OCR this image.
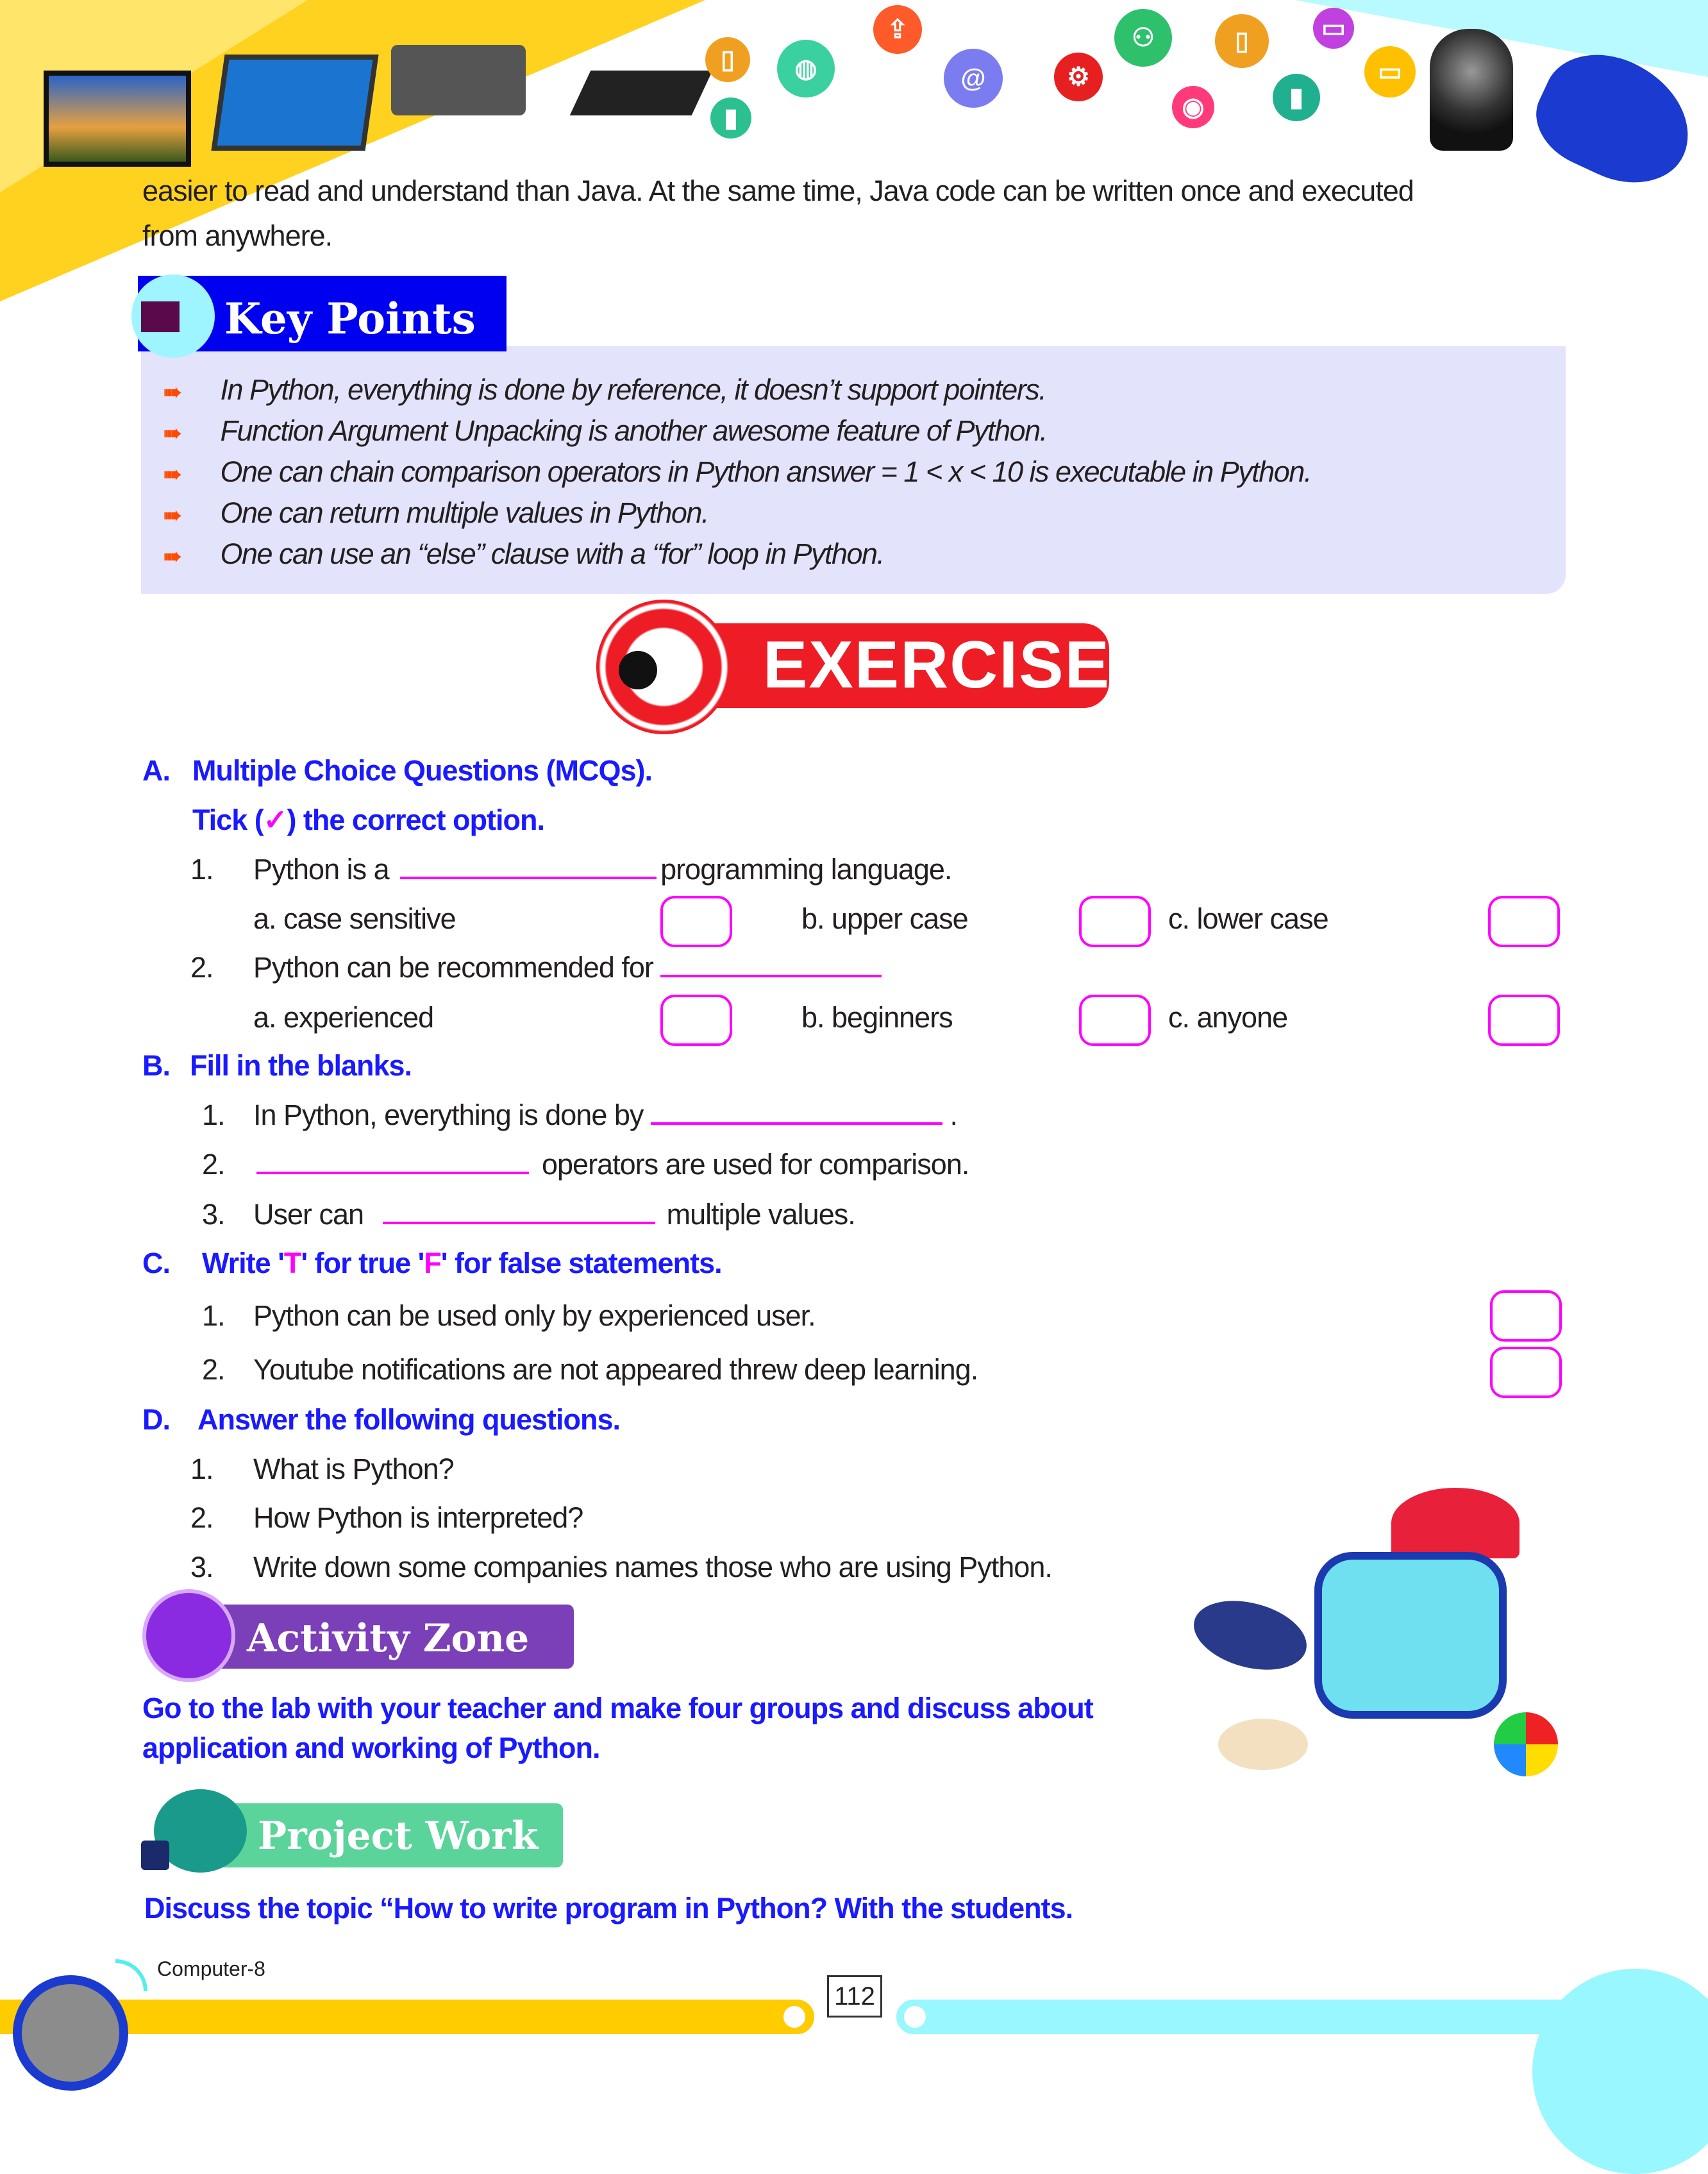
▯
▮
◍
⇪
@	⚙
⚇
◉
▯
▮
▭
▭
easier to read and understand than Java. At the same time, Java code can be written once and executed
from anywhere.
Key Points
➠ In Python, everything is done by reference, it doesn’t support pointers.
➠ Function Argument Unpacking is another awesome feature of Python.
➠ One can chain comparison operators in Python answer = 1 < x < 10 is executable in Python.
➠ One can return multiple values in Python.
➠ One can use an “else” clause with a “for” loop in Python.
EXERCISE
A. Multiple Choice Questions (MCQs).
Tick (✓) the correct option.
1. Python is a	programming language.
a. case sensitive	b. upper case	c. lower case
2. Python can be recommended for
a. experienced	b. beginners	c. anyone
B. Fill in the blanks.
1. In Python, everything is done by	.
2.	operators are used for comparison.
3. User can	multiple values.
C. Write 'T' for true 'F' for false statements.
1. Python can be used only by experienced user.
2. Youtube notifications are not appeared threw deep learning.
D. Answer the following questions.
1. What is Python?
2. How Python is interpreted?
3. Write down some companies names those who are using Python.
Activity Zone
Go to the lab with your teacher and make four groups and discuss about
application and working of Python.
Project Work
Discuss the topic “How to write program in Python? With the students.
Computer-8
112
